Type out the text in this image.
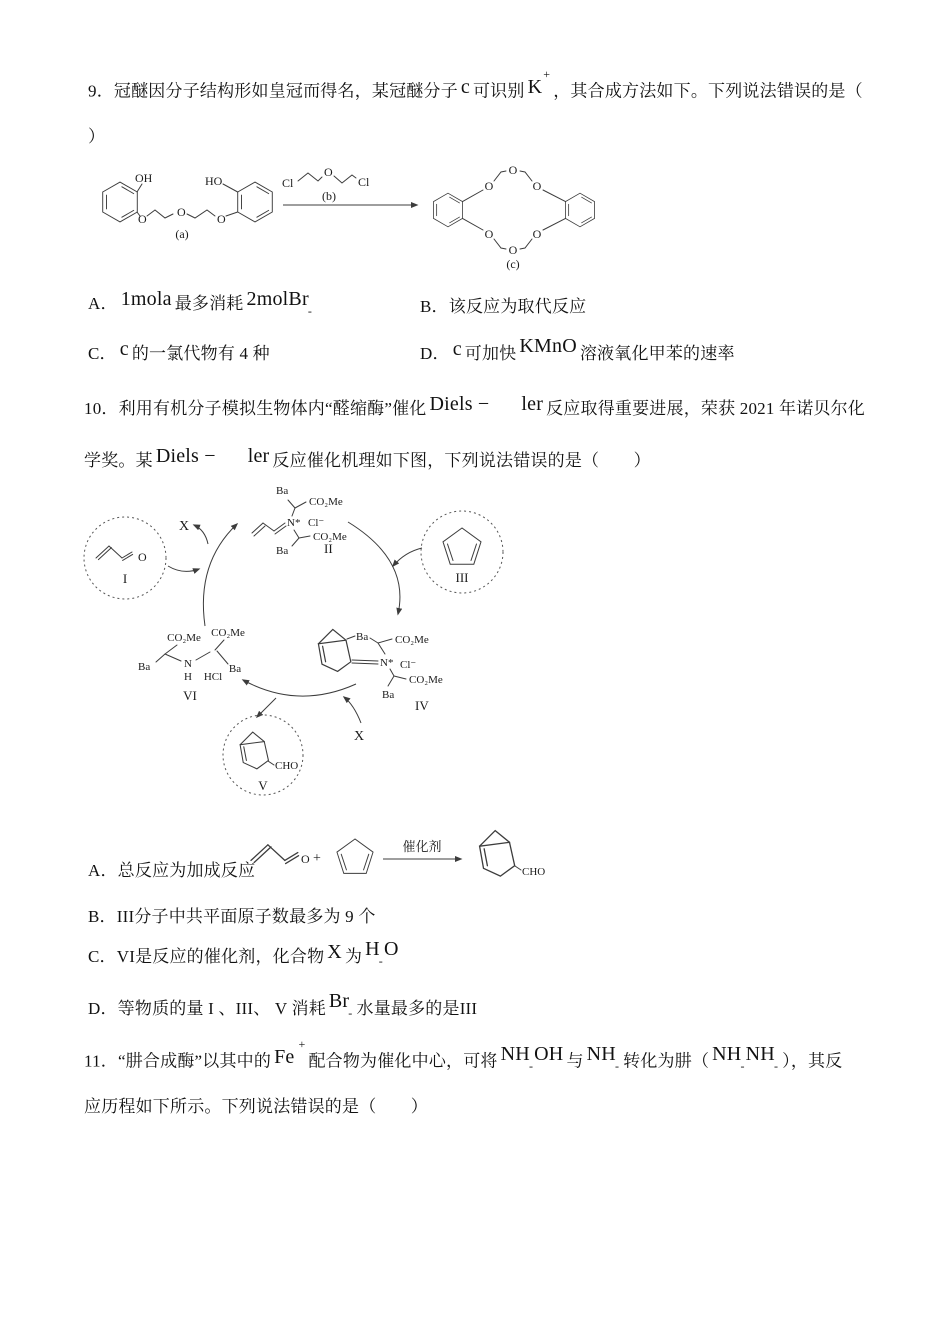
9．冠醚因分子结构形如皇冠而得名，某冠醚分子 c 可识别 K+，其合成方法如下。下列说法错误的是（
）
OH
O	O	O
HO
(a)
Cl
O
Cl
(b)
O
O
O
O
O
O
(c)
A． 1mola 最多消耗 2molBr$_-$	B．该反应为取代反应
C． c 的一氯代物有 4 种	D． c 可加快 KMnO 溶液氧化甲苯的速率
10．利用有机分子模拟生物体内“醛缩酶”催化 Diels − ler 反应取得重要进展，荣获 2021 年诺贝尔化
学奖。某 Diels − ler 反应催化机理如下图，下列说法错误的是（　　）
O
I
X	N* Cl⁻
Ba
CO₂Me
CO₂Me
Ba	II
III
CO₂Me CO₂Me
Ba	N
H
Ba
HCl
VI
Ba CO₂Me
N* Cl⁻
CO₂Me
Ba
IV
X
CHO
V
O +
催化剂
CHO
A．总反应为加成反应
B．III分子中共平面原子数最多为 9 个
C．VI是反应的催化剂，化合物 X 为 $H_-O$
D．等物质的量 I 、III、 V 消耗 $Br_-$ 水量最多的是III
11．“肼合成酶”以其中的 Fe+配合物为催化中心，可将 $NH_-OH$ 与 $NH_-$ 转化为肼（ $NH_-NH_-$ ），其反
应历程如下所示。下列说法错误的是（　　）
